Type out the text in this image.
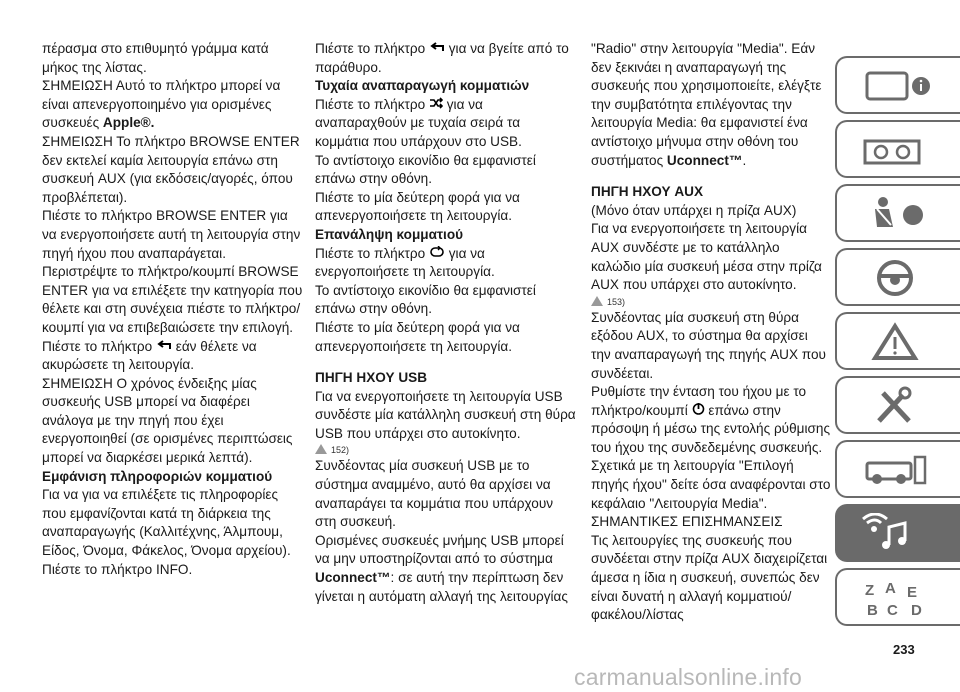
πέρασμα στο επιθυμητό γράμμα κατά μήκος της λίστας.

ΣΗΜΕΙΩΣΗ Αυτό το πλήκτρο μπορεί να είναι απενεργοποιημένο για ορισμένες συσκευές Apple®.

ΣΗΜΕΙΩΣΗ Το πλήκτρο BROWSE ENTER δεν εκτελεί καμία λειτουργία επάνω στη συσκευή AUX (για εκδόσεις/αγορές, όπου προβλέπεται).

Πιέστε το πλήκτρο BROWSE ENTER για να ενεργοποιήσετε αυτή τη λειτουργία στην πηγή ήχου που αναπαράγεται.

Περιστρέψτε το πλήκτρο/κουμπί BROWSE ENTER για να επιλέξετε την κατηγορία που θέλετε και στη συνέχεια πιέστε το πλήκτρο/κουμπί για να επιβεβαιώσετε την επιλογή.

Πιέστε το πλήκτρο  εάν θέλετε να ακυρώσετε τη λειτουργία.

ΣΗΜΕΙΩΣΗ Ο χρόνος ένδειξης μίας συσκευής USB μπορεί να διαφέρει ανάλογα με την πηγή που έχει ενεργοποιηθεί (σε ορισμένες περιπτώσεις μπορεί να διαρκέσει μερικά λεπτά).

Εμφάνιση πληροφοριών κομματιού

Για να για να επιλέξετε τις πληροφορίες που εμφανίζονται κατά τη διάρκεια της αναπαραγωγής (Καλλιτέχνης, Άλμπουμ, Είδος, Όνομα, Φάκελος, Όνομα αρχείου). Πιέστε το πλήκτρο INFO.

Πιέστε το πλήκτρο  για να βγείτε από το παράθυρο.

Τυχαία αναπαραγωγή κομματιών

Πιέστε το πλήκτρο  για να αναπαραχθούν με τυχαία σειρά τα κομμάτια που υπάρχουν στο USB.

Το αντίστοιχο εικονίδιο θα εμφανιστεί επάνω στην οθόνη.

Πιέστε το μία δεύτερη φορά για να απενεργοποιήσετε τη λειτουργία.

Επανάληψη κομματιού

Πιέστε το πλήκτρο  για να ενεργοποιήσετε τη λειτουργία.

Το αντίστοιχο εικονίδιο θα εμφανιστεί επάνω στην οθόνη.

Πιέστε το μία δεύτερη φορά για να απενεργοποιήσετε τη λειτουργία.

ΠΗΓΗ ΗΧΟΥ USB

Για να ενεργοποιήσετε τη λειτουργία USB συνδέστε μία κατάλληλη συσκευή στη θύρα USB που υπάρχει στο αυτοκίνητο.

152)

Συνδέοντας μία συσκευή USB με το σύστημα αναμμένο, αυτό θα αρχίσει να αναπαράγει τα κομμάτια που υπάρχουν στη συσκευή.

Ορισμένες συσκευές μνήμης USB μπορεί να μην υποστηρίζονται από το σύστημα Uconnect™: σε αυτή την περίπτωση δεν γίνεται η αυτόματη αλλαγή της λειτουργίας

"Radio" στην λειτουργία "Media". Εάν δεν ξεκινάει η αναπαραγωγή της συσκευής που χρησιμοποιείτε, ελέγξτε την συμβατότητα επιλέγοντας την λειτουργία Media: θα εμφανιστεί ένα αντίστοιχο μήνυμα στην οθόνη του συστήματος Uconnect™.

ΠΗΓΗ ΗΧΟΥ AUX

(Μόνο όταν υπάρχει η πρίζα AUX)

Για να ενεργοποιήσετε τη λειτουργία AUX συνδέστε με το κατάλληλο καλώδιο μία συσκευή μέσα στην πρίζα AUX που υπάρχει στο αυτοκίνητο.

153)

Συνδέοντας μία συσκευή στη θύρα εξόδου AUX, το σύστημα θα αρχίσει την αναπαραγωγή της πηγής AUX που συνδέεται.

Ρυθμίστε την ένταση του ήχου με το πλήκτρο/κουμπί  επάνω στην πρόσοψη ή μέσω της εντολής ρύθμισης του ήχου της συνδεδεμένης συσκευής.

Σχετικά με τη λειτουργία "Επιλογή πηγής ήχου" δείτε όσα αναφέρονται στο κεφάλαιο "Λειτουργία Media".

ΣΗΜΑΝΤΙΚΕΣ ΕΠΙΣΗΜΑΝΣΕΙΣ

Τις λειτουργίες της συσκευής που συνδέεται στην πρίζα AUX διαχειρίζεται άμεσα η ίδια η συσκευή, συνεπώς δεν είναι δυνατή η αλλαγή κομματιού/φακέλου/λίστας

Z A E
B C D
233
carmanualsonline.info
